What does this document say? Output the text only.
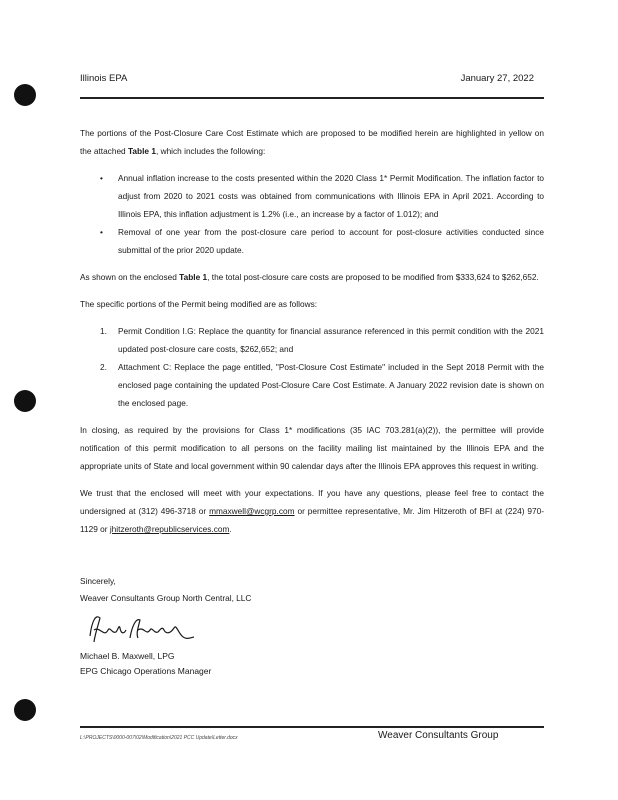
Illinois EPA	January 27, 2022

The portions of the Post-Closure Care Cost Estimate which are proposed to be modified herein are highlighted in yellow on the attached Table 1, which includes the following:

• Annual inflation increase to the costs presented within the 2020 Class 1* Permit Modification. The inflation factor to adjust from 2020 to 2021 costs was obtained from communications with Illinois EPA in April 2021. According to Illinois EPA, this inflation adjustment is 1.2% (i.e., an increase by a factor of 1.012); and
• Removal of one year from the post-closure care period to account for post-closure activities conducted since submittal of the prior 2020 update.

As shown on the enclosed Table 1, the total post-closure care costs are proposed to be modified from $333,624 to $262,652.

The specific portions of the Permit being modified are as follows:

1. Permit Condition I.G: Replace the quantity for financial assurance referenced in this permit condition with the 2021 updated post-closure care costs, $262,652; and
2. Attachment C: Replace the page entitled, "Post-Closure Cost Estimate" included in the Sept 2018 Permit with the enclosed page containing the updated Post-Closure Care Cost Estimate. A January 2022 revision date is shown on the enclosed page.

In closing, as required by the provisions for Class 1* modifications (35 IAC 703.281(a)(2)), the permittee will provide notification of this permit modification to all persons on the facility mailing list maintained by the Illinois EPA and the appropriate units of State and local government within 90 calendar days after the Illinois EPA approves this request in writing.

We trust that the enclosed will meet with your expectations. If you have any questions, please feel free to contact the undersigned at (312) 496-3718 or mmaxwell@wcgrp.com or permittee representative, Mr. Jim Hitzeroth of BFI at (224) 970-1129 or jhitzeroth@republicservices.com.

Sincerely,
Weaver Consultants Group North Central, LLC
Michael B. Maxwell, LPG
EPG Chicago Operations Manager
L:\PROJECTS\0000-007\02\Modification\2021 PCC Update\Letter.docx	Weaver Consultants Group
